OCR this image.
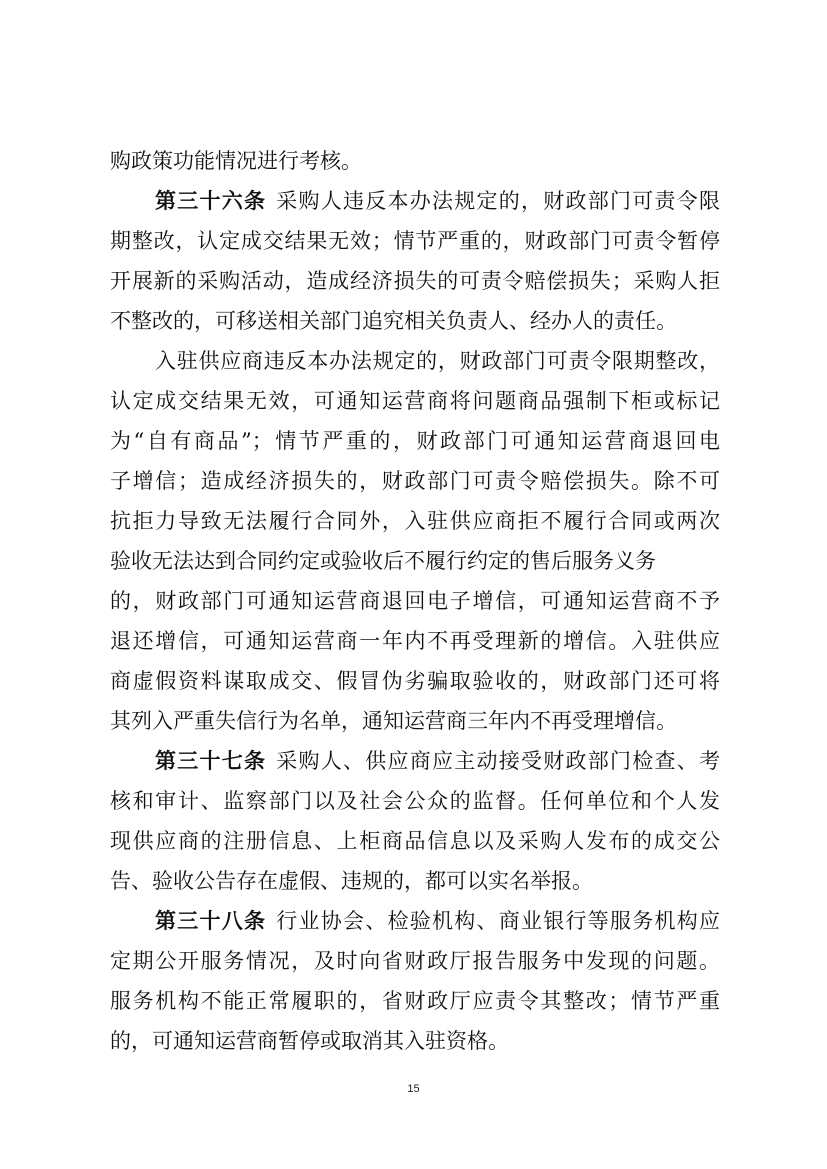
购政策功能情况进行考核。
第三十六条 采购人违反本办法规定的，财政部门可责令限
期整改，认定成交结果无效；情节严重的，财政部门可责令暂停
开展新的采购活动，造成经济损失的可责令赔偿损失；采购人拒
不整改的，可移送相关部门追究相关负责人、经办人的责任。
入驻供应商违反本办法规定的，财政部门可责令限期整改，
认定成交结果无效，可通知运营商将问题商品强制下柜或标记
为“自有商品”；情节严重的，财政部门可通知运营商退回电
子增信；造成经济损失的，财政部门可责令赔偿损失。除不可
抗拒力导致无法履行合同外，入驻供应商拒不履行合同或两次
验收无法达到合同约定或验收后不履行约定的售后服务义务
的，财政部门可通知运营商退回电子增信，可通知运营商不予
退还增信，可通知运营商一年内不再受理新的增信。入驻供应
商虚假资料谋取成交、假冒伪劣骗取验收的，财政部门还可将
其列入严重失信行为名单，通知运营商三年内不再受理增信。
第三十七条 采购人、供应商应主动接受财政部门检查、考
核和审计、监察部门以及社会公众的监督。任何单位和个人发
现供应商的注册信息、上柜商品信息以及采购人发布的成交公
告、验收公告存在虚假、违规的，都可以实名举报。
第三十八条 行业协会、检验机构、商业银行等服务机构应
定期公开服务情况，及时向省财政厅报告服务中发现的问题。
服务机构不能正常履职的，省财政厅应责令其整改；情节严重
的，可通知运营商暂停或取消其入驻资格。
15
